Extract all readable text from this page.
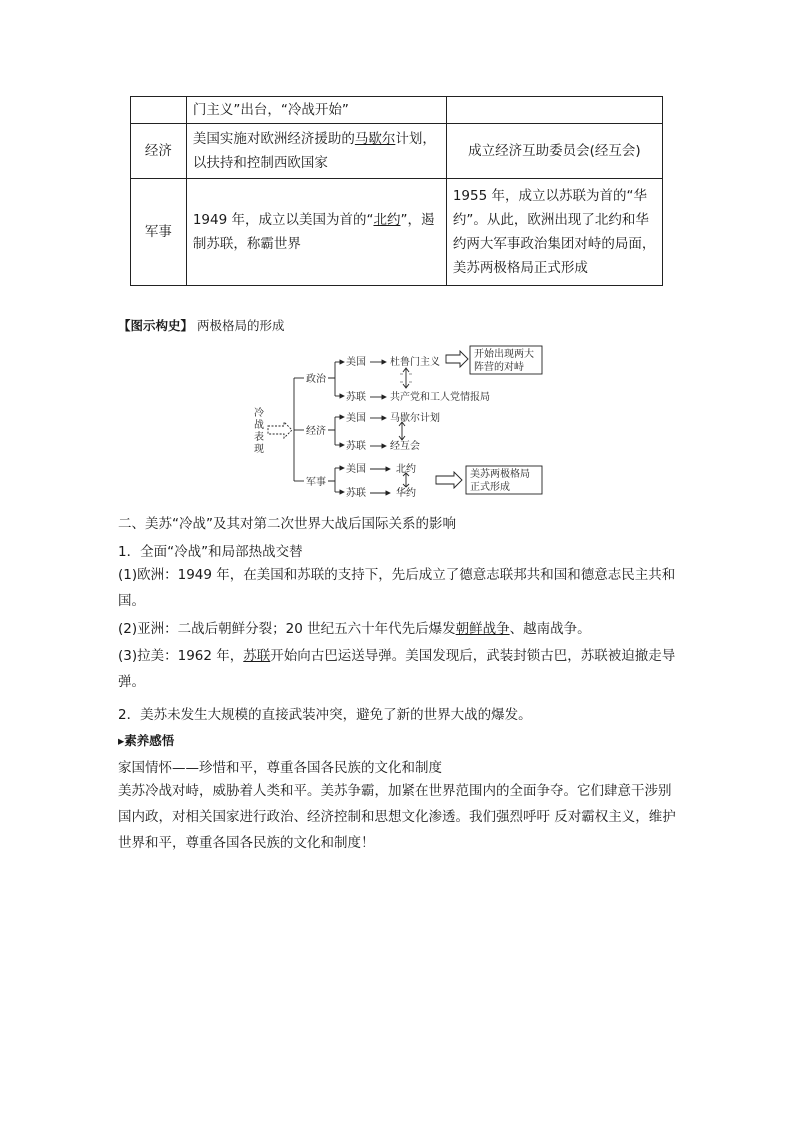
	门主义”出台，“冷战开始”	
经济	美国实施对欧洲经济援助的马歇尔计划，以扶持和控制西欧国家	成立经济互助委员会(经互会)
军事	1949 年，成立以美国为首的“北约”，遏制苏联，称霸世界	1955 年，成立以苏联为首的“华约”。从此，欧洲出现了北约和华约两大军事政治集团对峙的局面，美苏两极格局正式形成
【图示构史】 两极格局的形成
冷
战
表
现
政治
经济
军事
美国 杜鲁门主义
苏联 共产党和工人党情报局
开始出现两大
阵营的对峙
美国 马歇尔计划
苏联 经互会
美国	北约
苏联	华约
美苏两极格局
正式形成
二、美苏“冷战”及其对第二次世界大战后国际关系的影响
1．全面“冷战”和局部热战交替
(1)欧洲：1949 年，在美国和苏联的支持下，先后成立了德意志联邦共和国和德意志民主共和国。
(2)亚洲：二战后朝鲜分裂；20 世纪五六十年代先后爆发朝鲜战争、越南战争。
(3)拉美：1962 年，苏联开始向古巴运送导弹。美国发现后，武装封锁古巴，苏联被迫撤走导弹。
2．美苏未发生大规模的直接武装冲突，避免了新的世界大战的爆发。
▸素养感悟
家国情怀——珍惜和平，尊重各国各民族的文化和制度
美苏冷战对峙，威胁着人类和平。美苏争霸，加紧在世界范围内的全面争夺。它们肆意干涉别国内政，对相关国家进行政治、经济控制和思想文化渗透。我们强烈呼吁 反对霸权主义，维护世界和平，尊重各国各民族的文化和制度！
